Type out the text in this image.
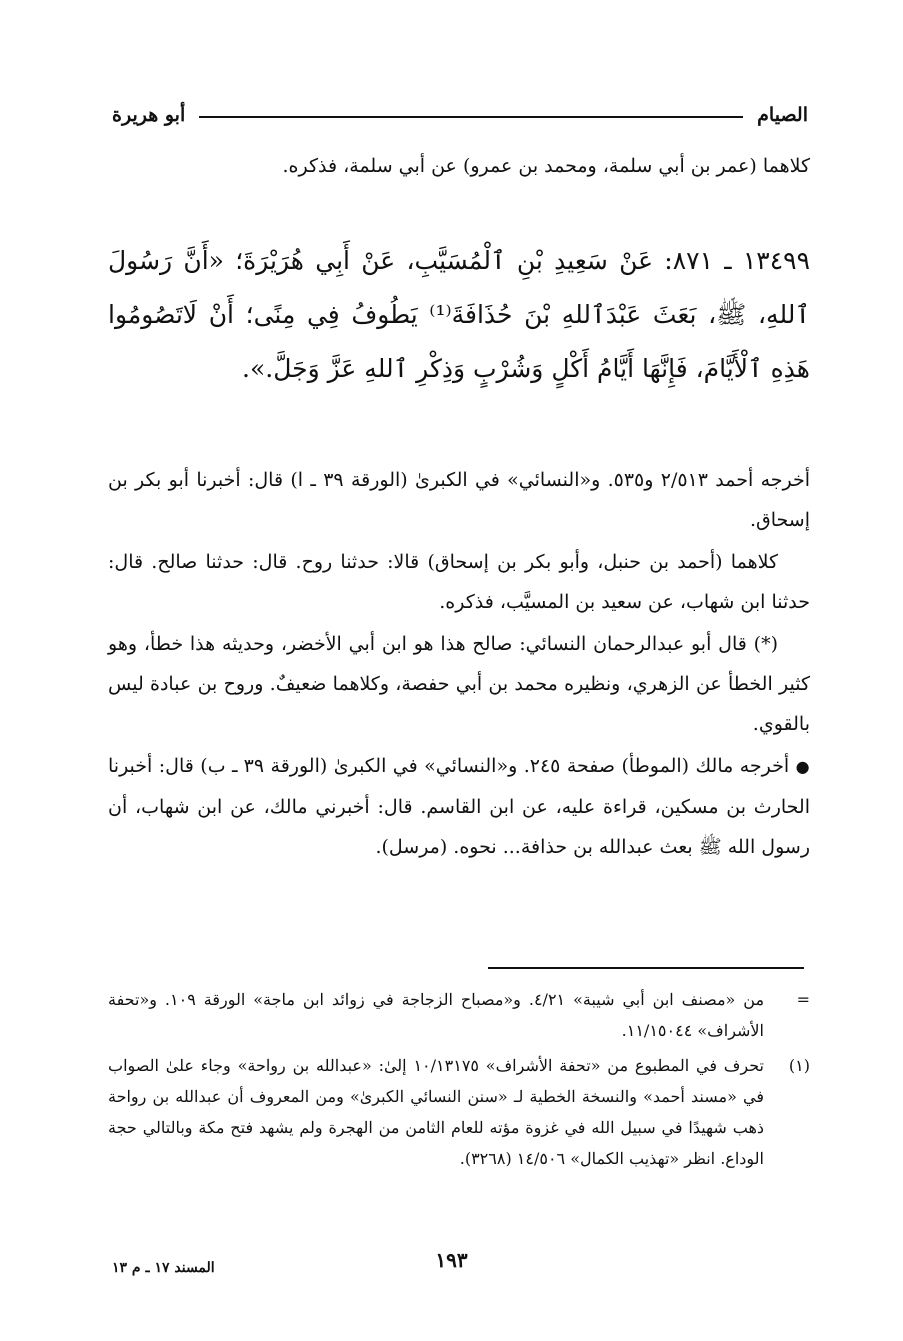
الصيام
أبو هريرة
كلاهما (عمر بن أبي سلمة، ومحمد بن عمرو) عن أبي سلمة، فذكره.
١٣٤٩٩ ـ ٨٧١: عَنْ سَعِيدِ بْنِ ٱلْمُسَيَّبِ، عَنْ أَبِي هُرَيْرَةَ؛ «أَنَّ رَسُولَ ٱللهِ، ﷺ، بَعَثَ عَبْدَٱللهِ بْنَ حُذَافَةَ⁽¹⁾ يَطُوفُ فِي مِنًى؛ أَنْ لَاتَصُومُوا هَذِهِ ٱلْأَيَّامَ، فَإِنَّهَا أَيَّامُ أَكْلٍ وَشُرْبٍ وَذِكْرِ ٱللهِ عَزَّ وَجَلَّ.».

أخرجه أحمد ٢/٥١٣ و٥٣٥. و«النسائي» في الكبرىٰ (الورقة ٣٩ ـ ا) قال: أخبرنا أبو بكر بن إسحاق.

كلاهما (أحمد بن حنبل، وأبو بكر بن إسحاق) قالا: حدثنا روح. قال: حدثنا صالح. قال: حدثنا ابن شهاب، عن سعيد بن المسيَّب، فذكره.

(*) قال أبو عبدالرحمان النسائي: صالح هذا هو ابن أبي الأخضر، وحديثه هذا خطأ، وهو كثير الخطأ عن الزهري، ونظيره محمد بن أبي حفصة، وكلاهما ضعيفٌ. وروح بن عبادة ليس بالقوي.

● أخرجه مالك (الموطأ) صفحة ٢٤٥. و«النسائي» في الكبرىٰ (الورقة ٣٩ ـ ب) قال: أخبرنا الحارث بن مسكين، قراءة عليه، عن ابن القاسم. قال: أخبرني مالك، عن ابن شهاب، أن رسول الله ﷺ بعث عبدالله بن حذافة... نحوه. (مرسل).

=
من «مصنف ابن أبي شيبة» ٤/٢١. و«مصباح الزجاجة في زوائد ابن ماجة» الورقة ١٠٩. و«تحفة الأشراف» ١١/١٥٠٤٤.
(١)
تحرف في المطبوع من «تحفة الأشراف» ١٠/١٣١٧٥ إلىٰ: «عبدالله بن رواحة» وجاء علىٰ الصواب في «مسند أحمد» والنسخة الخطية لـ «سنن النسائي الكبرىٰ» ومن المعروف أن عبدالله بن رواحة ذهب شهيدًا في سبيل الله في غزوة مؤته للعام الثامن من الهجرة ولم يشهد فتح مكة وبالتالي حجة الوداع. انظر «تهذيب الكمال» ١٤/٥٠٦ (٣٢٦٨).
١٩٣
المسند ١٧ ـ م ١٣
